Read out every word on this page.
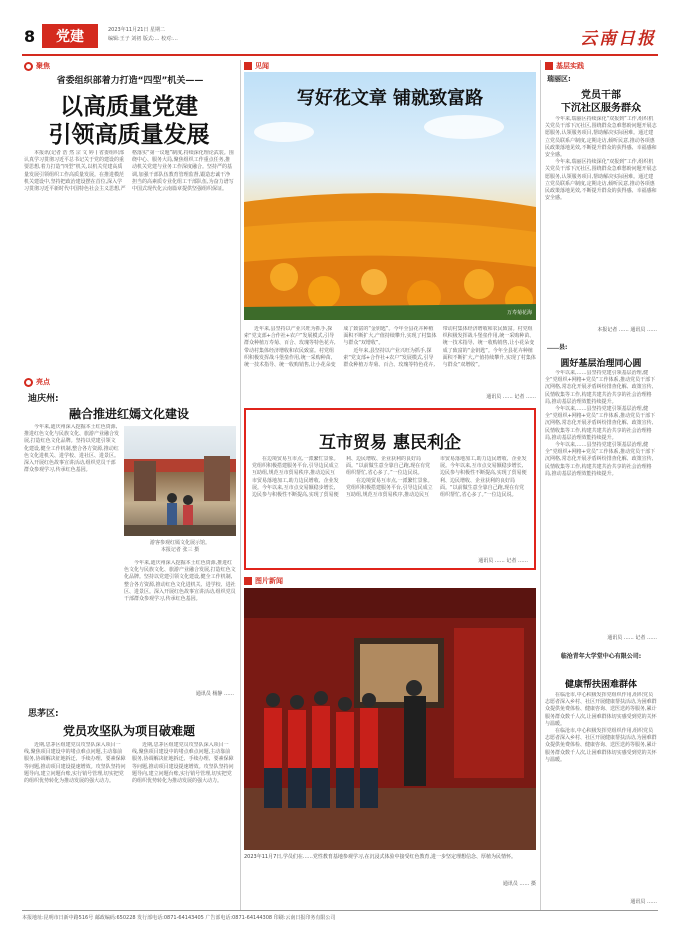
8 党建	2023年11月21日 星期二
编辑:王子 刘初 版式:… 校对:…	云南日报
聚焦
省委组织部着力打造“四型”机关——
以高质量党建
引领高质量发展

本报讯(记者 浩 然 宗 文 婷 ) 省委组织部认真学习贯彻习近平总书记关于党的建设的重要思想,着力打造“四型”机关,以机关党建高质量发展引领组织工作高质量发展。在推进模范机关建设中,坚持把政治建设摆在首位,深入学习贯彻习近平新时代中国特色社会主义思想,严格落实“第一议题”制度,持续深化理论武装。围绕中心、服务大局,聚焦组织工作重点任务,推动机关党建与业务工作深度融合。坚持严的基调,加强干部队伍教育管理监督,锻造忠诚干净担当的高素质专业化组工干部队伍,为奋力谱写中国式现代化云南篇章提供坚强组织保证。

亮点
迪庆州:
融合推进红嫣文化建设

今年来,迪庆州深入挖掘本土红色资源,推进红色文化与民族文化、旅游产业融合发展,打造红色文化品牌。坚持以党建引领文化建设,健全工作机制,整合各方资源,推动红色文化进机关、进学校、进社区、进景区。深入开展红色故事宣讲活动,组织党员干部群众参观学习,传承红色基因。

游客参观红嫣文化展示馆。
本报记者 张三 摄

今年来,迪庆州深入挖掘本土红色资源,推进红色文化与民族文化、旅游产业融合发展,打造红色文化品牌。坚持以党建引领文化建设,健全工作机制,整合各方资源,推动红色文化进机关、进学校、进社区、进景区。深入开展红色故事宣讲活动,组织党员干部群众参观学习,传承红色基因。

通讯员 杨静 ……
思茅区:
党员攻坚队为项目破难题

近期,思茅区组建党员攻坚队深入项目一线,聚焦项目建设中的堵点难点问题,主动靠前服务,协调解决征地拆迁、手续办理、要素保障等问题,推动项目建设提速增效。攻坚队坚持问题导向,建立问题台账,实行销号管理,切实把党的组织优势转化为推动发展的强大动力。

近期,思茅区组建党员攻坚队深入项目一线,聚焦项目建设中的堵点难点问题,主动靠前服务,协调解决征地拆迁、手续办理、要素保障等问题,推动项目建设提速增效。攻坚队坚持问题导向,建立问题台账,实行销号管理,切实把党的组织优势转化为推动发展的强大动力。

见闻
写好花文章 铺就致富路
万寿菊花海

近年来,县坚持以产业兴旺为抓手,探索“党支部+合作社+农户”发展模式,引导群众种植万寿菊、百合、玫瑰等特色花卉,带动村集体经济增收和农民致富。村党组织积极发挥战斗堡垒作用,统一采购种苗、统一技术指导、统一收购销售,让小花朵变成了致富的“金钥匙”。今年全县花卉种植面积不断扩大,产值持续攀升,实现了村集体与群众“双增收”。

近年来,县坚持以产业兴旺为抓手,探索“党支部+合作社+农户”发展模式,引导群众种植万寿菊、百合、玫瑰等特色花卉,带动村集体经济增收和农民致富。村党组织积极发挥战斗堡垒作用,统一采购种苗、统一技术指导、统一收购销售,让小花朵变成了致富的“金钥匙”。今年全县花卉种植面积不断扩大,产值持续攀升,实现了村集体与群众“双增收”。

通讯员 …… 记者 ……
互市贸易 惠民利企

在边境贸易互市点,一派繁忙景象。党组织积极搭建服务平台,引导边民成立互助组,规范互市贸易秩序,推动边民互市贸易落地加工,助力边民增收、企业发展。今年以来,互市点交易额稳步增长,边民参与积极性不断提高,实现了贸易便利、边民增收、企业获利的良好局面。“以前做生意全靠自己跑,现在有党组织帮忙,省心多了。”一位边民说。

在边境贸易互市点,一派繁忙景象。党组织积极搭建服务平台,引导边民成立互助组,规范互市贸易秩序,推动边民互市贸易落地加工,助力边民增收、企业发展。今年以来,互市点交易额稳步增长,边民参与积极性不断提高,实现了贸易便利、边民增收、企业获利的良好局面。“以前做生意全靠自己跑,现在有党组织帮忙,省心多了。”一位边民说。

通讯员 …… 记者 ……
图片新闻
2023年11月7日,学员们在……党性教育基地参观学习,在沉浸式体验中接受红色教育,进一步坚定理想信念、厚植为民情怀。
通讯员 …… 摄
基层实践
瑞丽区:
党员干部
下沉社区服务群众

今年来,瑞丽区持续深化“双报到”工作,组织机关党员干部下沉社区,围绕群众急难愁盼问题开展志愿服务,认领服务项目,帮助解决实际困难。通过建立党员联系户制度,定期走访,倾听民意,推动各项惠民政策落地见效,不断提升群众的获得感、幸福感和安全感。

今年来,瑞丽区持续深化“双报到”工作,组织机关党员干部下沉社区,围绕群众急难愁盼问题开展志愿服务,认领服务项目,帮助解决实际困难。通过建立党员联系户制度,定期走访,倾听民意,推动各项惠民政策落地见效,不断提升群众的获得感、幸福感和安全感。

本报记者 …… 通讯员 ……
……县:
圆好基层治理同心圆

今年以来,……县坚持党建引领基层治理,健全“党组织+网格+党员”工作体系,推动党员干部下沉网格,常态化开展矛盾纠纷排查化解、政策宣传、民情收集等工作,构建共建共治共享的社会治理格局,推动基层治理效能持续提升。

今年以来,……县坚持党建引领基层治理,健全“党组织+网格+党员”工作体系,推动党员干部下沉网格,常态化开展矛盾纠纷排查化解、政策宣传、民情收集等工作,构建共建共治共享的社会治理格局,推动基层治理效能持续提升。

今年以来,……县坚持党建引领基层治理,健全“党组织+网格+党员”工作体系,推动党员干部下沉网格,常态化开展矛盾纠纷排查化解、政策宣传、民情收集等工作,构建共建共治共享的社会治理格局,推动基层治理效能持续提升。

通讯员 …… 记者 ……
临沧青年大学堂中心有限公司:
健康帮扶困难群体

在临沧市,中心积极发挥党组织作用,组织党员志愿者深入乡村、社区开展健康帮扶活动,为困难群众提供免费体检、健康咨询、送医送药等服务,累计服务群众数千人次,让困难群体切实感受到党的关怀与温暖。

在临沧市,中心积极发挥党组织作用,组织党员志愿者深入乡村、社区开展健康帮扶活动,为困难群众提供免费体检、健康咨询、送医送药等服务,累计服务群众数千人次,让困难群体切实感受到党的关怀与温暖。

通讯员 ……
本报地址:昆明市日新中路516号 邮政编码:650228 发行部电话:0871-64143405 广告部电话:0871-64144308 印刷:云南日报印务有限公司
